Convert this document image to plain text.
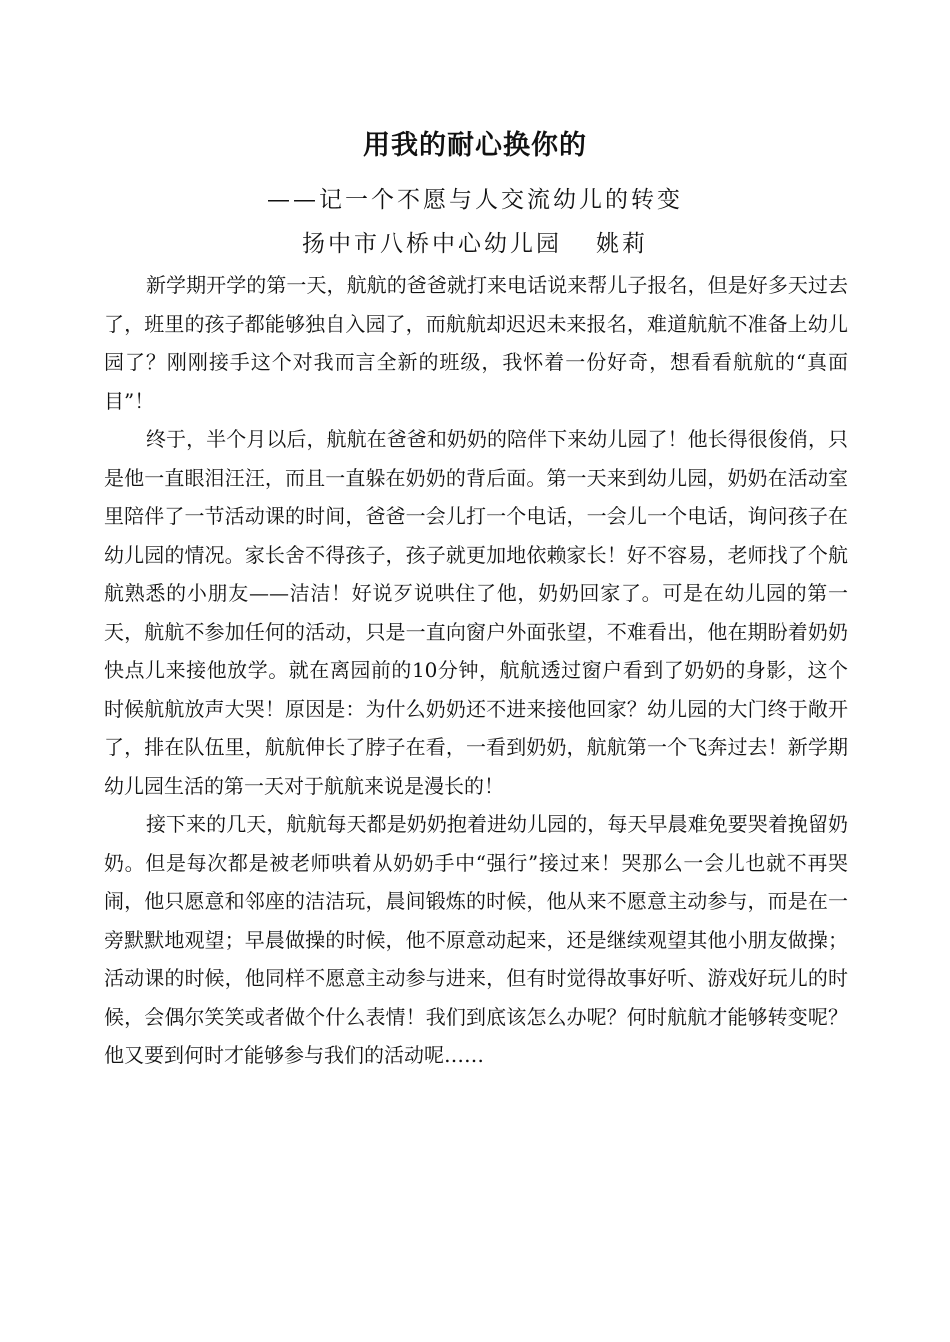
用我的耐心换你的
——记一个不愿与人交流幼儿的转变
扬中市八桥中心幼儿园 姚莉

新学期开学的第一天，航航的爸爸就打来电话说来帮儿子报名，但是好多天过去了，班里的孩子都能够独自入园了，而航航却迟迟未来报名，难道航航不准备上幼儿园了？刚刚接手这个对我而言全新的班级，我怀着一份好奇，想看看航航的“真面目”！

终于，半个月以后，航航在爸爸和奶奶的陪伴下来幼儿园了！他长得很俊俏，只是他一直眼泪汪汪，而且一直躲在奶奶的背后面。第一天来到幼儿园，奶奶在活动室里陪伴了一节活动课的时间，爸爸一会儿打一个电话，一会儿一个电话，询问孩子在幼儿园的情况。家长舍不得孩子，孩子就更加地依赖家长！好不容易，老师找了个航航熟悉的小朋友——洁洁！好说歹说哄住了他，奶奶回家了。可是在幼儿园的第一天，航航不参加任何的活动，只是一直向窗户外面张望，不难看出，他在期盼着奶奶快点儿来接他放学。就在离园前的10分钟，航航透过窗户看到了奶奶的身影，这个时候航航放声大哭！原因是：为什么奶奶还不进来接他回家？幼儿园的大门终于敞开了，排在队伍里，航航伸长了脖子在看，一看到奶奶，航航第一个飞奔过去！新学期幼儿园生活的第一天对于航航来说是漫长的！

接下来的几天，航航每天都是奶奶抱着进幼儿园的，每天早晨难免要哭着挽留奶奶。但是每次都是被老师哄着从奶奶手中“强行”接过来！哭那么一会儿也就不再哭闹，他只愿意和邻座的洁洁玩，晨间锻炼的时候，他从来不愿意主动参与，而是在一旁默默地观望；早晨做操的时候，他不原意动起来，还是继续观望其他小朋友做操；活动课的时候，他同样不愿意主动参与进来，但有时觉得故事好听、游戏好玩儿的时候，会偶尔笑笑或者做个什么表情！我们到底该怎么办呢？何时航航才能够转变呢？他又要到何时才能够参与我们的活动呢……
